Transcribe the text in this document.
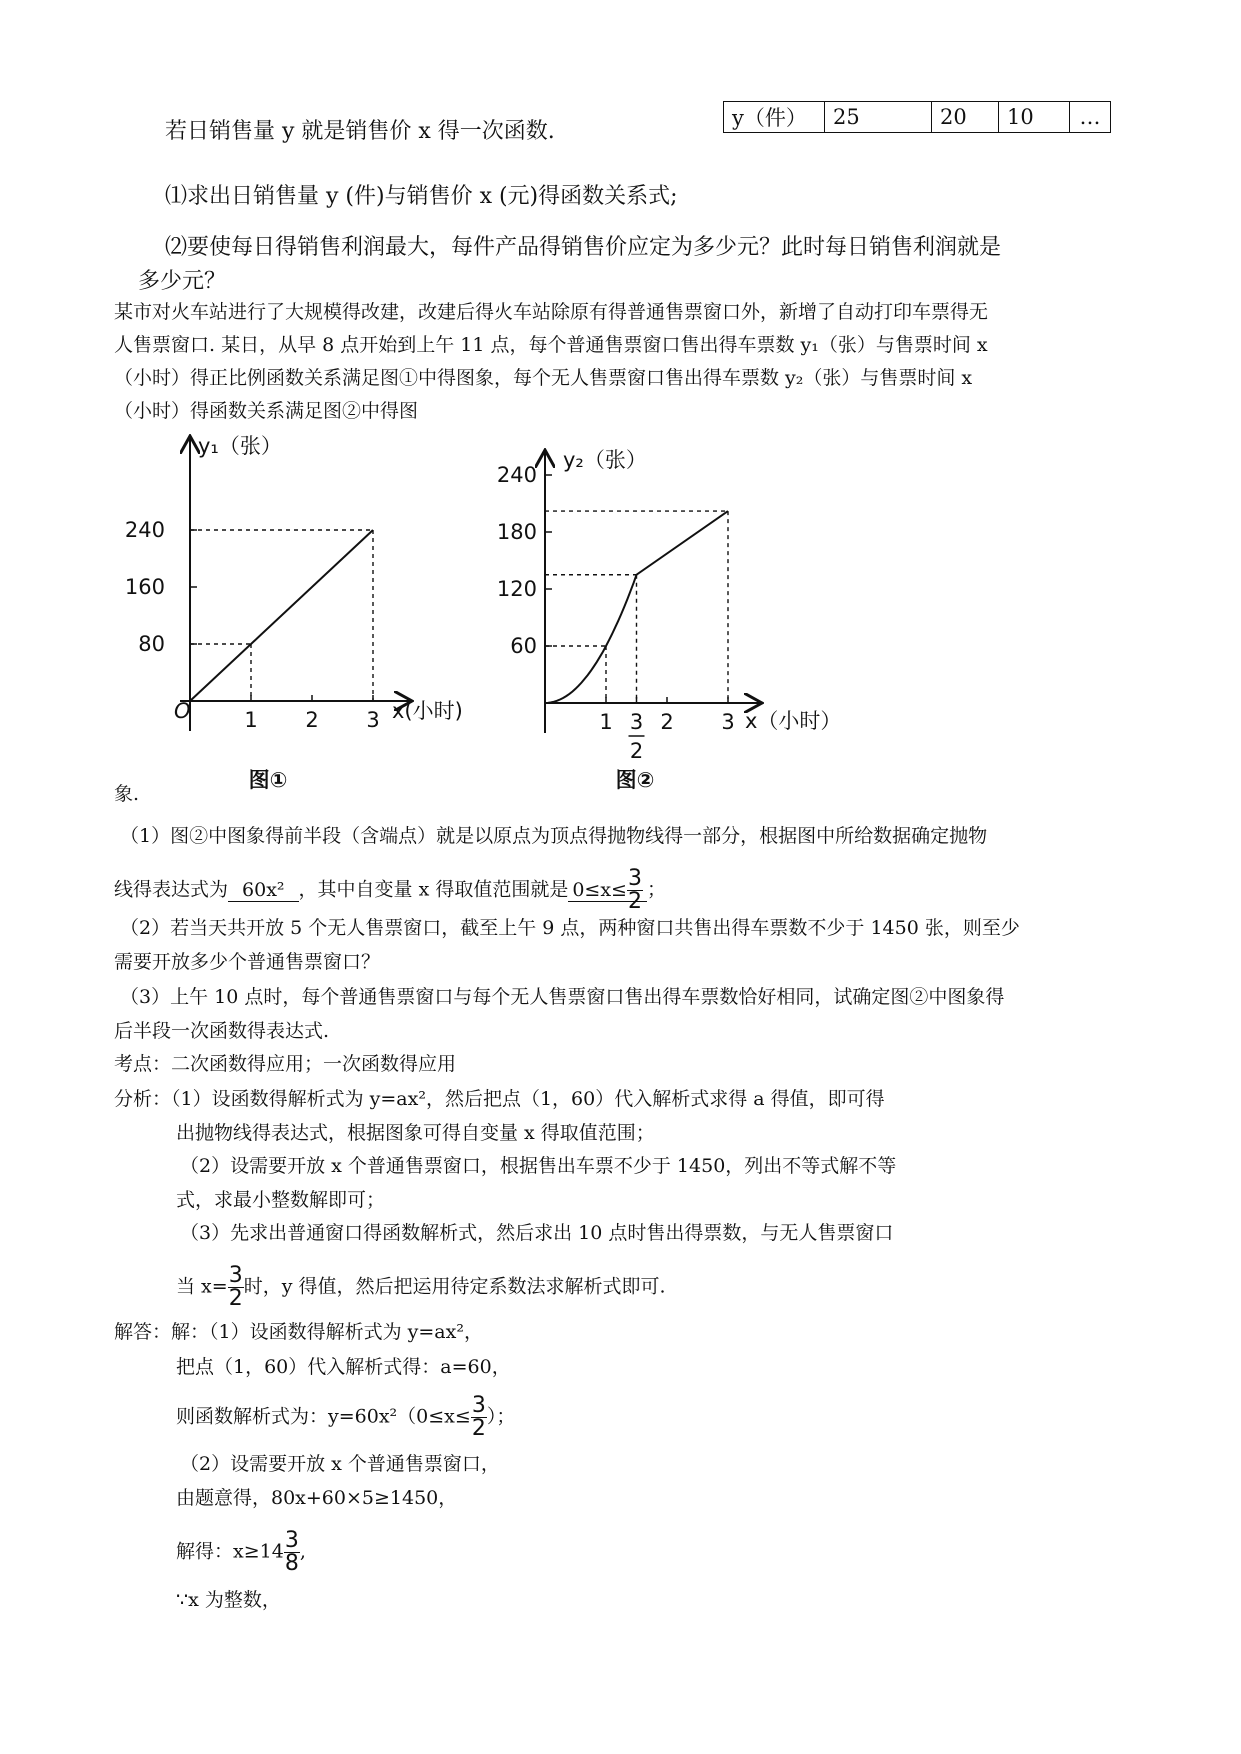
y（件）	25	20	10	…
若日销售量 y 就是销售价 x 得一次函数.
⑴求出日销售量 y (件)与销售价 x (元)得函数关系式;
⑵要使每日得销售利润最大，每件产品得销售价应定为多少元？此时每日销售利润就是
多少元？
某市对火车站进行了大规模得改建，改建后得火车站除原有得普通售票窗口外，新增了自动打印车票得无
人售票窗口. 某日，从早 8 点开始到上午 11 点，每个普通售票窗口售出得车票数 y₁（张）与售票时间 x
（小时）得正比例函数关系满足图①中得图象，每个无人售票窗口售出得车票数 y₂（张）与售票时间 x
（小时）得函数关系满足图②中得图
80
160
240
1 2 3
y₁（张）
x(小时)
O
图①
60
120
180
240
1 3
2
2 3
y₂（张）
x（小时）
图②
象.
（1）图②中图象得前半段（含端点）就是以原点为顶点得抛物线得一部分，根据图中所给数据确定抛物
线得表达式为 60x² ，其中自变量 x 得取值范围就是 $0\le x\le \frac{3}{2}$ ；
（2）若当天共开放 5 个无人售票窗口，截至上午 9 点，两种窗口共售出得车票数不少于 1450 张，则至少
需要开放多少个普通售票窗口？
（3）上午 10 点时，每个普通售票窗口与每个无人售票窗口售出得车票数恰好相同，试确定图②中图象得
后半段一次函数得表达式.
考点：二次函数得应用；一次函数得应用
分析：（1）设函数得解析式为 y=ax²，然后把点（1，60）代入解析式求得 a 得值，即可得
出抛物线得表达式，根据图象可得自变量 x 得取值范围；
（2）设需要开放 x 个普通售票窗口，根据售出车票不少于 1450，列出不等式解不等
式，求最小整数解即可；
（3）先求出普通窗口得函数解析式，然后求出 10 点时售出得票数，与无人售票窗口
当 $x= \frac{3}{2}$ 时，y 得值，然后把运用待定系数法求解析式即可.
解答：解：（1）设函数得解析式为 y=ax²，
把点（1，60）代入解析式得：a=60，
则函数解析式为：$y=60x^2(0\le x\le \frac{3}{2}$ ）；
（2）设需要开放 x 个普通售票窗口，
由题意得，80x+60×5≥1450，
解得：$x\ge 14 \frac{3}{8}$ ,
∵x 为整数，
